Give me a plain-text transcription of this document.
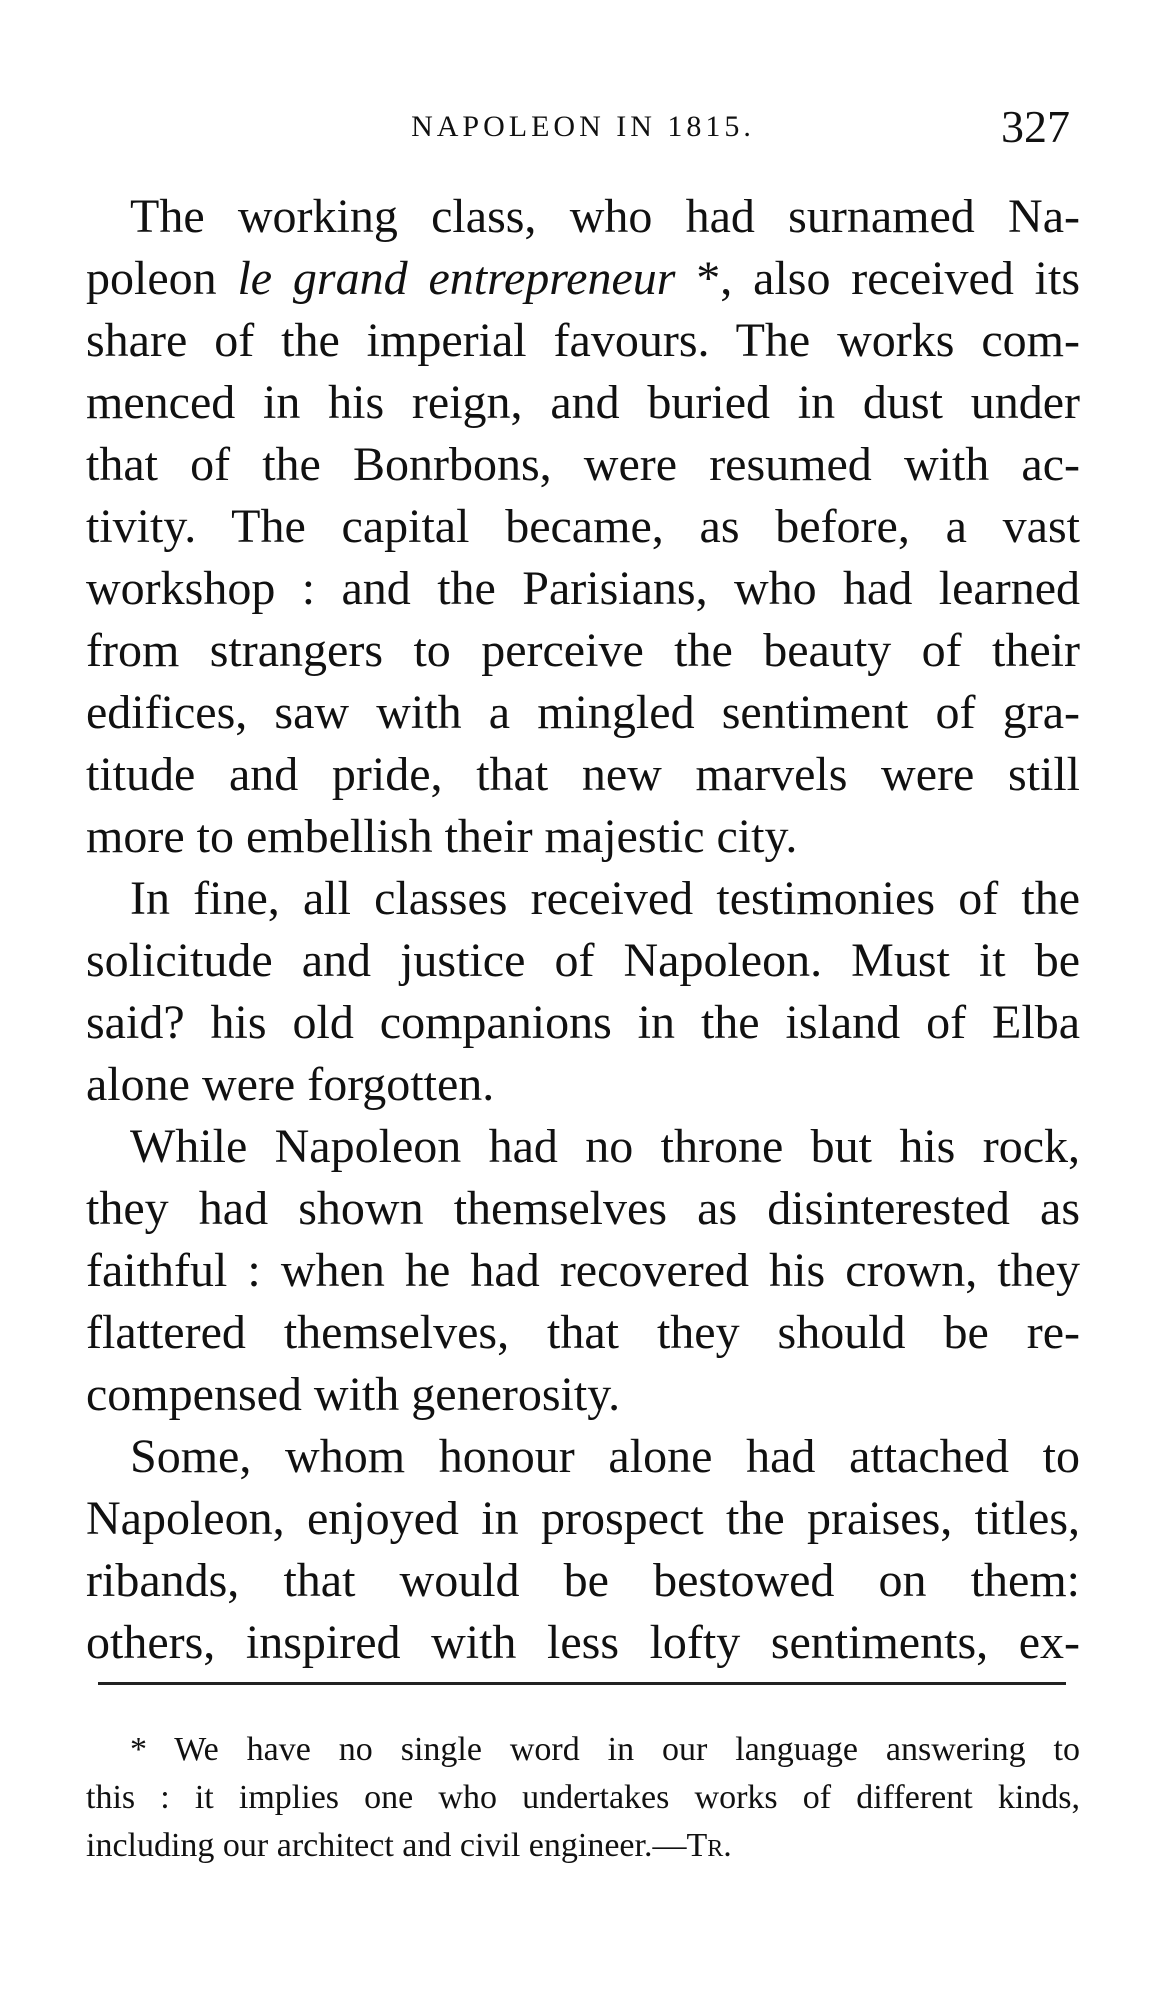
NAPOLEON IN 1815.	327

The working class, who had surnamed Na-
poleon le grand entrepreneur *, also received its
share of the imperial favours. The works com-
menced in his reign, and buried in dust under
that of the Bonrbons, were resumed with ac-
tivity. The capital became, as before, a vast
workshop : and the Parisians, who had learned
from strangers to perceive the beauty of their
edifices, saw with a mingled sentiment of gra-
titude and pride, that new marvels were still
more to embellish their majestic city.

In fine, all classes received testimonies of the
solicitude and justice of Napoleon. Must it be
said? his old companions in the island of Elba
alone were forgotten.

While Napoleon had no throne but his rock,
they had shown themselves as disinterested as
faithful : when he had recovered his crown, they
flattered themselves, that they should be re-
compensed with generosity.

Some, whom honour alone had attached to
Napoleon, enjoyed in prospect the praises, titles,
ribands, that would be bestowed on them:
others, inspired with less lofty sentiments, ex-

* We have no single word in our language answering to
this : it implies one who undertakes works of different kinds,
including our architect and civil engineer.—Tr.
